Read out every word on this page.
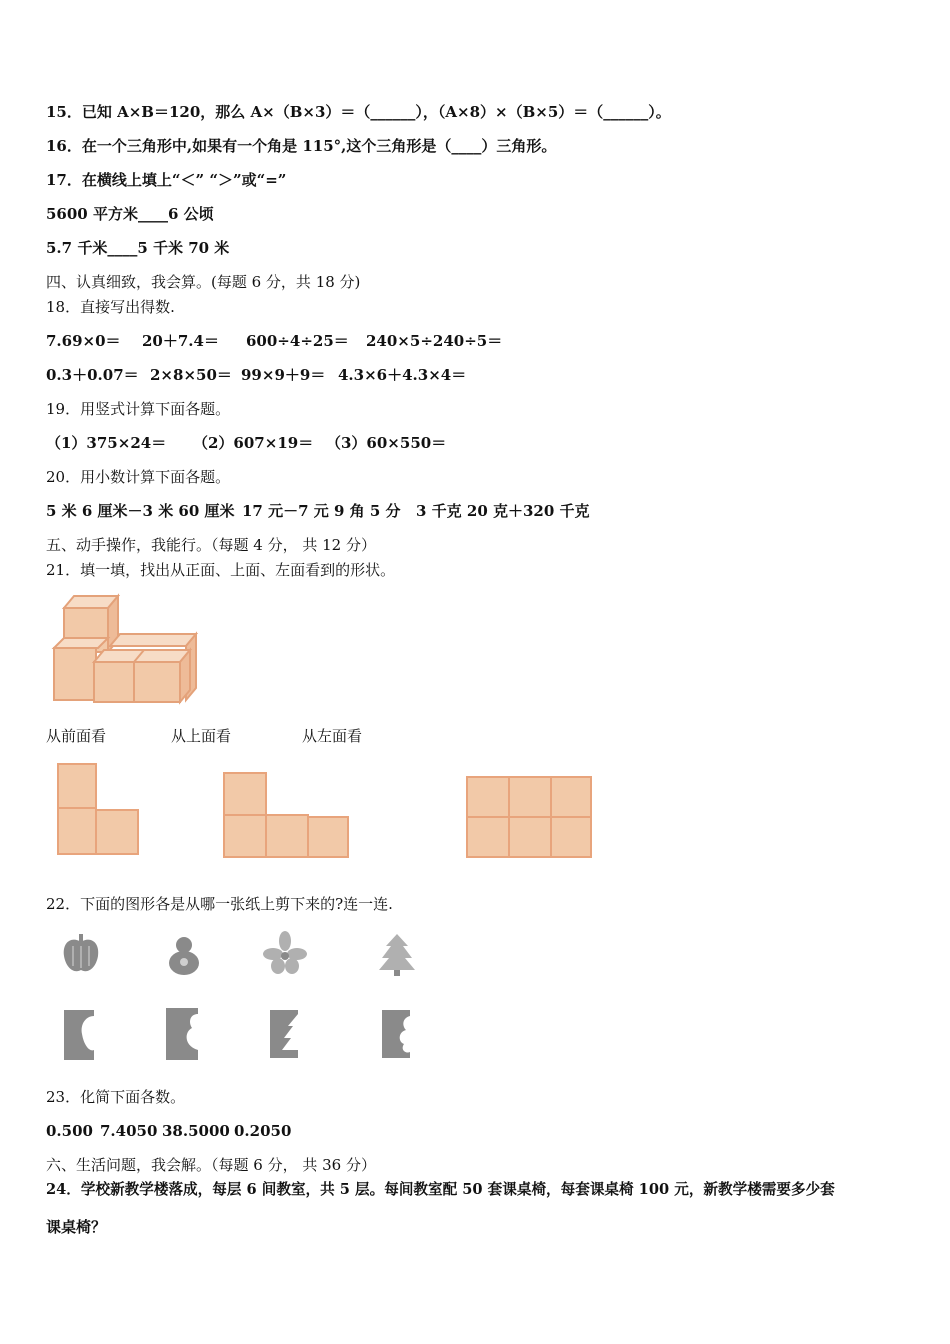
15．已知 A×B＝120，那么 A×（B×3）＝（______），（A×8）×（B×5）＝（______）。
16．在一个三角形中,如果有一个角是 115°,这个三角形是（____）三角形。
17．在横线上填上“＜” “＞”或“=”
5600 平方米____6 公顷
5.7 千米____5 千米 70 米
四、认真细致，我会算。(每题 6 分，共 18 分)
18．直接写出得数.
7.69×0＝ 20＋7.4＝ 600÷4÷25＝ 240×5÷240÷5＝
0.3＋0.07＝ 2×8×50＝ 99×9＋9＝ 4.3×6＋4.3×4＝
19．用竖式计算下面各题。
（1）375×24＝ （2）607×19＝ （3）60×550＝
20．用小数计算下面各题。
5 米 6 厘米－3 米 60 厘米 17 元－7 元 9 角 5 分 3 千克 20 克＋320 千克
五、动手操作，我能行。（每题 4 分， 共 12 分）
21．填一填，找出从正面、上面、左面看到的形状。
从前面看	从上面看	从左面看
22．下面的图形各是从哪一张纸上剪下来的?连一连.
23．化简下面各数。
0.500 7.4050 38.5000 0.2050
六、生活问题，我会解。（每题 6 分， 共 36 分）
24．学校新教学楼落成，每层 6 间教室，共 5 层。每间教室配 50 套课桌椅，每套课桌椅 100 元，新教学楼需要多少套
课桌椅？
